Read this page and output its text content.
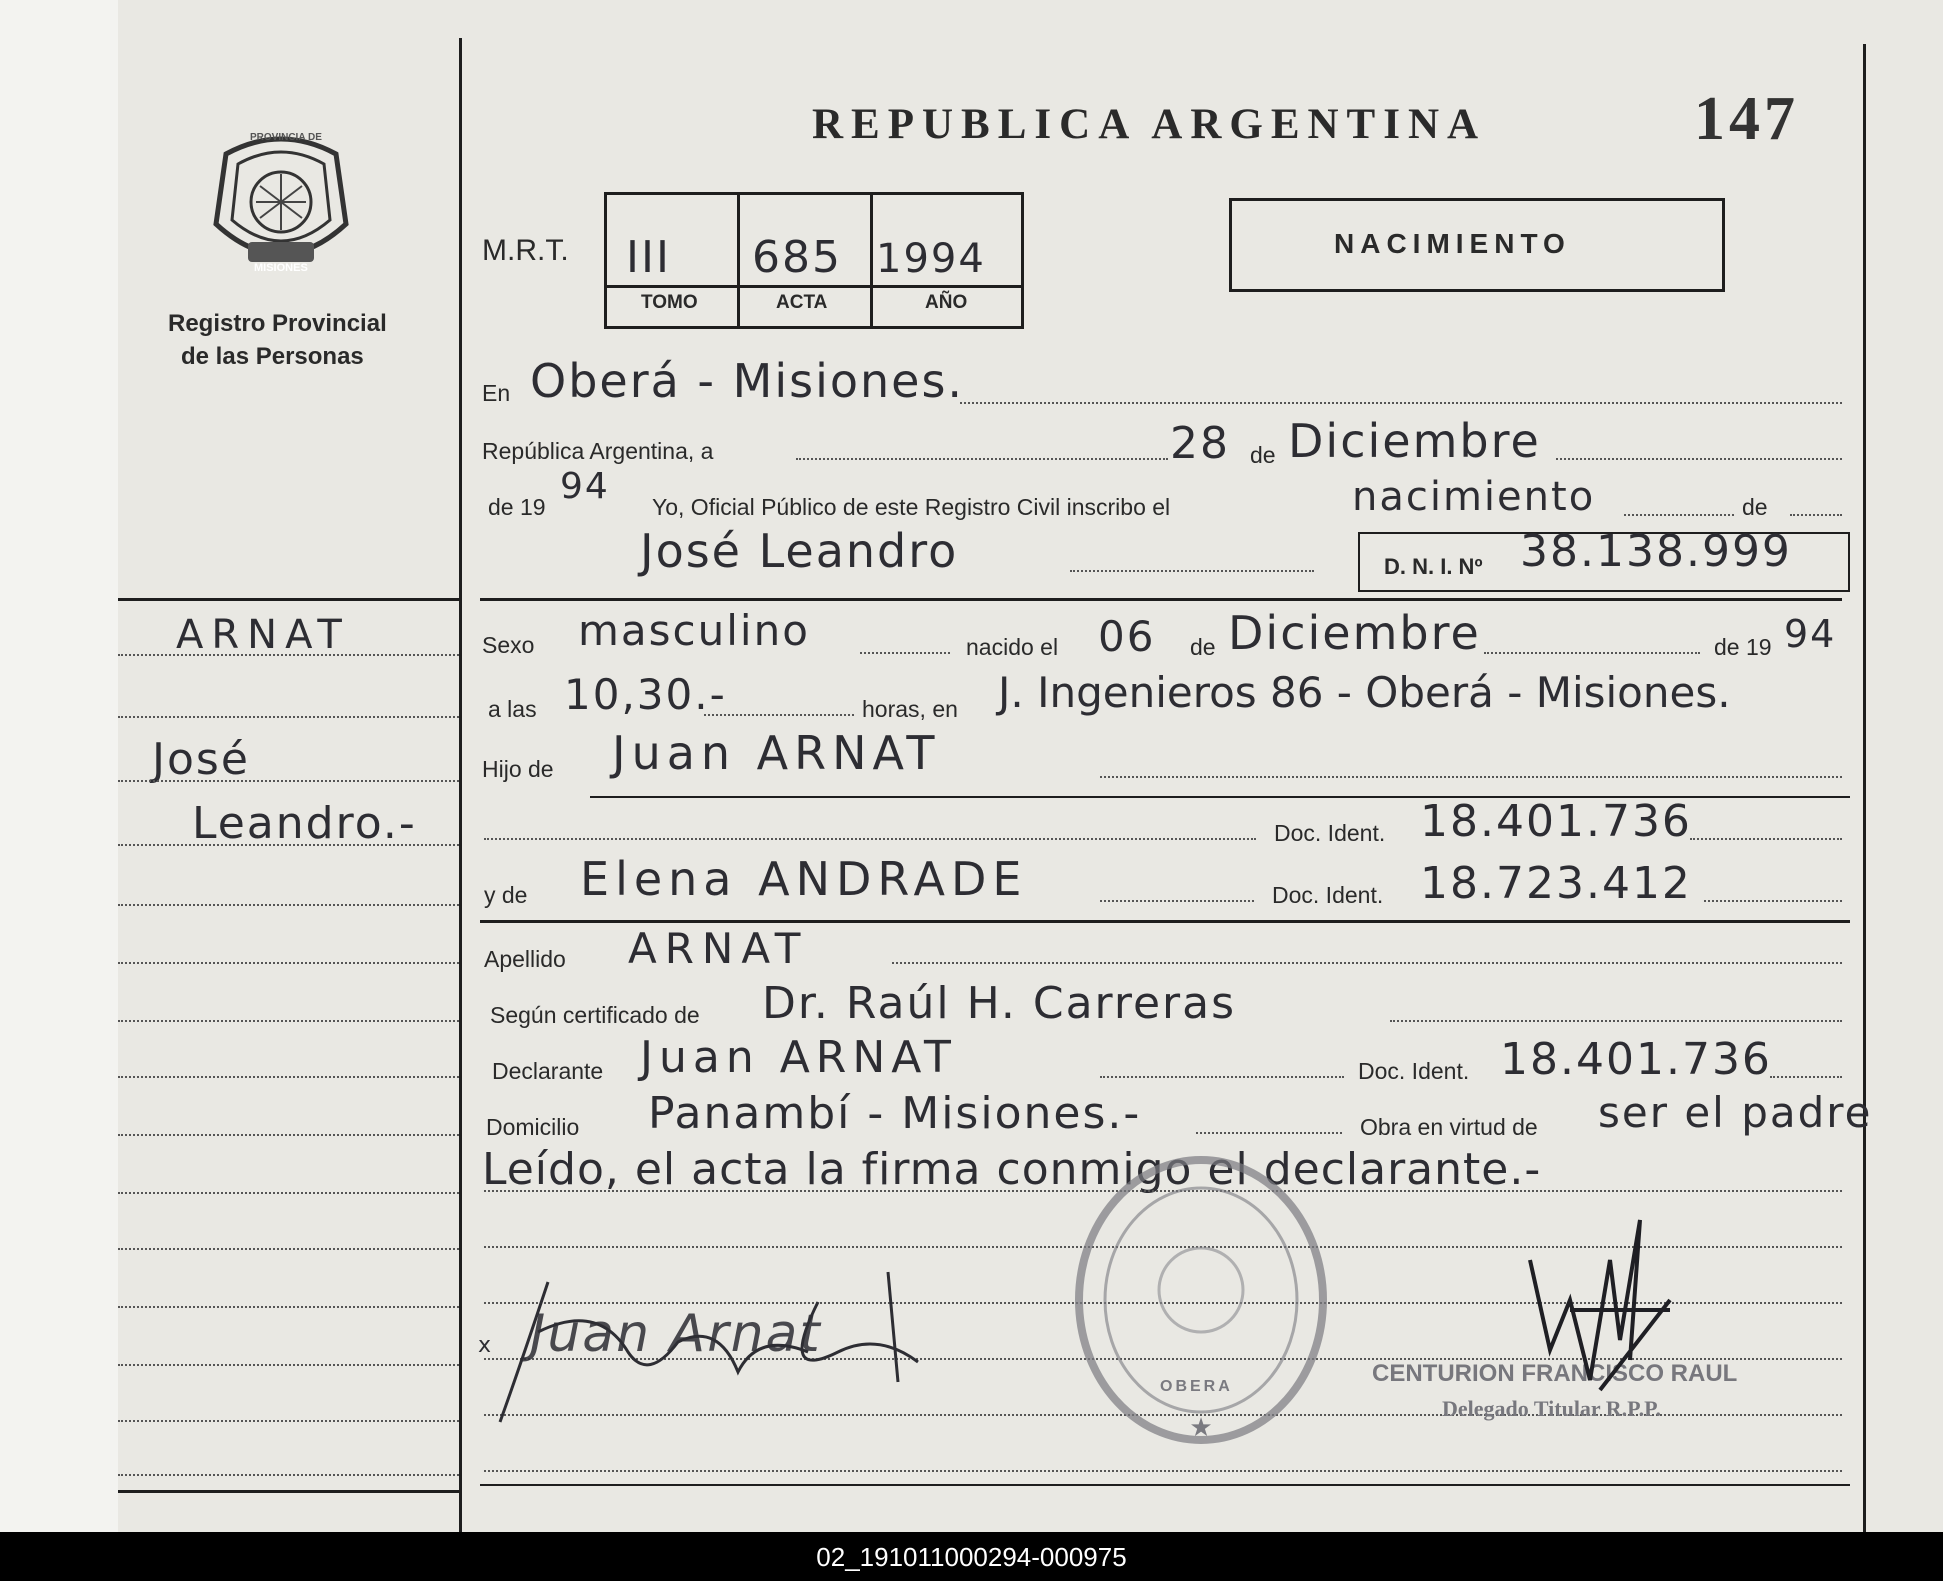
REPUBLICA ARGENTINA	147
PROVINCIA DE
MISIONES
Registro Provincial
de las Personas
M.R.T. III 685 1994
TOMO	ACTA	AÑO
NACIMIENTO
ARNAT
José
Leandro.-
En Oberá - Misiones.
República Argentina, a	28 de Diciembre
de 19 94 Yo, Oficial Público de este Registro Civil inscribo el	nacimiento	de
José Leandro	D. N. I. Nº 38.138.999
Sexo masculino	nacido el 06 de Diciembre	de 19 94
a las 10,30.-	horas, en J. Ingenieros 86 - Oberá - Misiones.
Hijo de Juan ARNAT
Doc. Ident. 18.401.736
y de Elena ANDRADE	Doc. Ident. 18.723.412
Apellido ARNAT
Según certificado de Dr. Raúl H. Carreras
Declarante Juan ARNAT	Doc. Ident. 18.401.736
Domicilio Panambí - Misiones.-	Obra en virtud de ser el padre
Leído, el acta la firma conmigo el declarante.-
★
OBERA
x Juan Arnat
CENTURION FRANCISCO RAUL
Delegado Titular R.P.P.
02_191011000294-000975
